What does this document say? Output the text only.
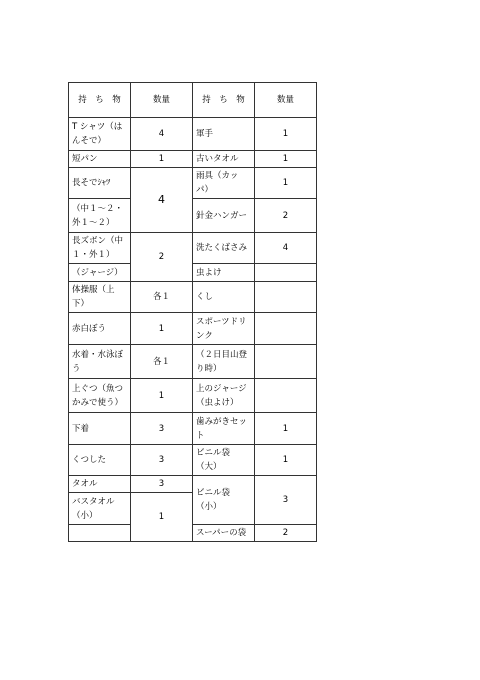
持　ち　物	数量	持　ち　物	数量
T シャツ（はんそで）	4	軍手	1
短パン	1	古いタオル	1
長そでｼｬﾂ	4	雨具（カッパ）	1
（中１～２・外１～２）		針金ハンガー	2
長ズボン（中１・外１）	2	洗たくばさみ	4
（ジャージ）		虫よけ	
体操服（上下）	各１	くし	
赤白ぼう	1	スポーツドリンク	
水着・水泳ぼう	各１	（２日目山登り時）	
上ぐつ（魚つかみで使う）	1	上のジャージ（虫よけ）	
下着	3	歯みがきセット	1
くつした	3	ビニル袋（大）	1
タオル	3	ビニル袋（小）	3
バスタオル（小）	1		
		スーパーの袋	2
